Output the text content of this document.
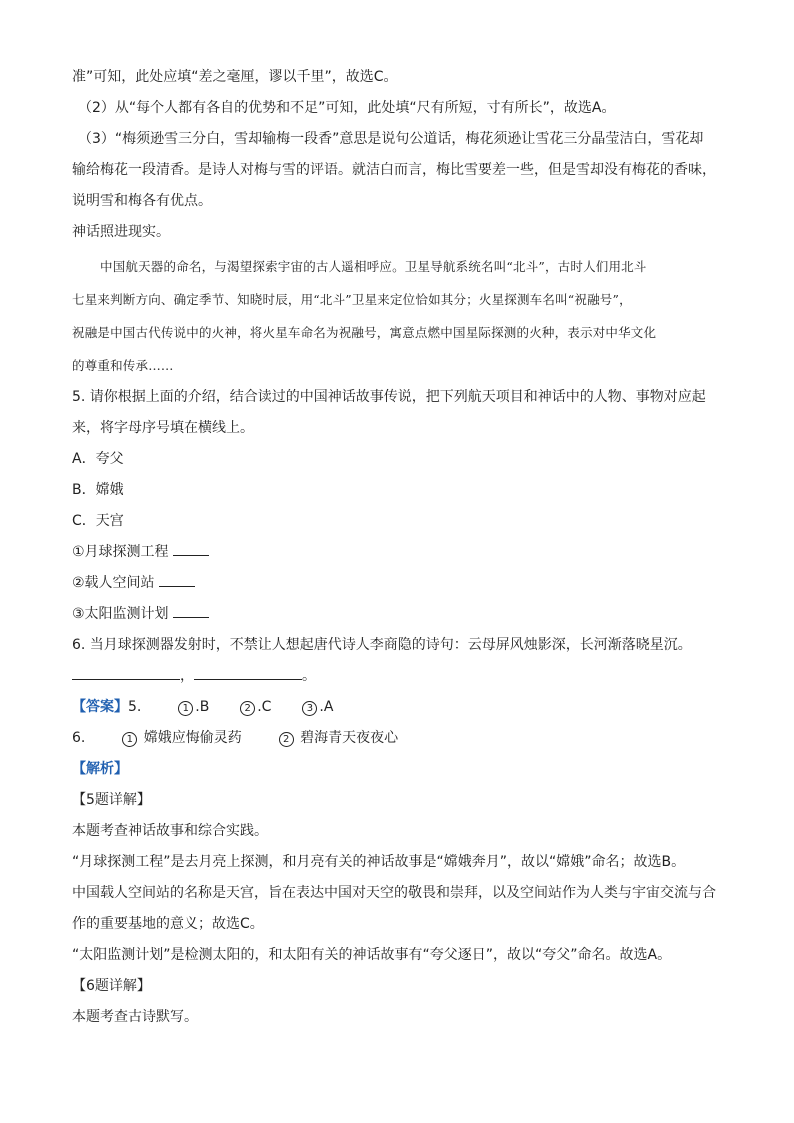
准”可知，此处应填“差之毫厘，谬以千里”，故选C。
（2）从“每个人都有各自的优势和不足”可知，此处填“尺有所短，寸有所长”，故选A。
（3）“梅须逊雪三分白，雪却输梅一段香”意思是说句公道话，梅花须逊让雪花三分晶莹洁白，雪花却
输给梅花一段清香。是诗人对梅与雪的评语。就洁白而言，梅比雪要差一些，但是雪却没有梅花的香味，
说明雪和梅各有优点。
神话照进现实。
中国航天器的命名，与渴望探索宇宙的古人遥相呼应。卫星导航系统名叫“北斗”，古时人们用北斗
七星来判断方向、确定季节、知晓时辰，用“北斗”卫星来定位恰如其分；火星探测车名叫“祝融号”，
祝融是中国古代传说中的火神，将火星车命名为祝融号，寓意点燃中国星际探测的火种，表示对中华文化
的尊重和传承……
5. 请你根据上面的介绍，结合读过的中国神话故事传说，把下列航天项目和神话中的人物、事物对应起
来，将字母序号填在横线上。
A．夸父
B．嫦娥
C．天宫
①月球探测工程
②载人空间站
③太阳监测计划
6. 当月球探测器发射时，不禁让人想起唐代诗人李商隐的诗句：云母屏风烛影深，长河渐落晓星沉。
，	。
【答案】5.	1 .B	2 .C	3 .A
6.	1 嫦娥应悔偷灵药	2 碧海青天夜夜心
【解析】
【5题详解】
本题考查神话故事和综合实践。
“月球探测工程”是去月亮上探测，和月亮有关的神话故事是“嫦娥奔月”，故以“嫦娥”命名；故选B。
中国载人空间站的名称是天宫，旨在表达中国对天空的敬畏和崇拜，以及空间站作为人类与宇宙交流与合
作的重要基地的意义；故选C。
“太阳监测计划”是检测太阳的，和太阳有关的神话故事有“夸父逐日”，故以“夸父”命名。故选A。
【6题详解】
本题考查古诗默写。
